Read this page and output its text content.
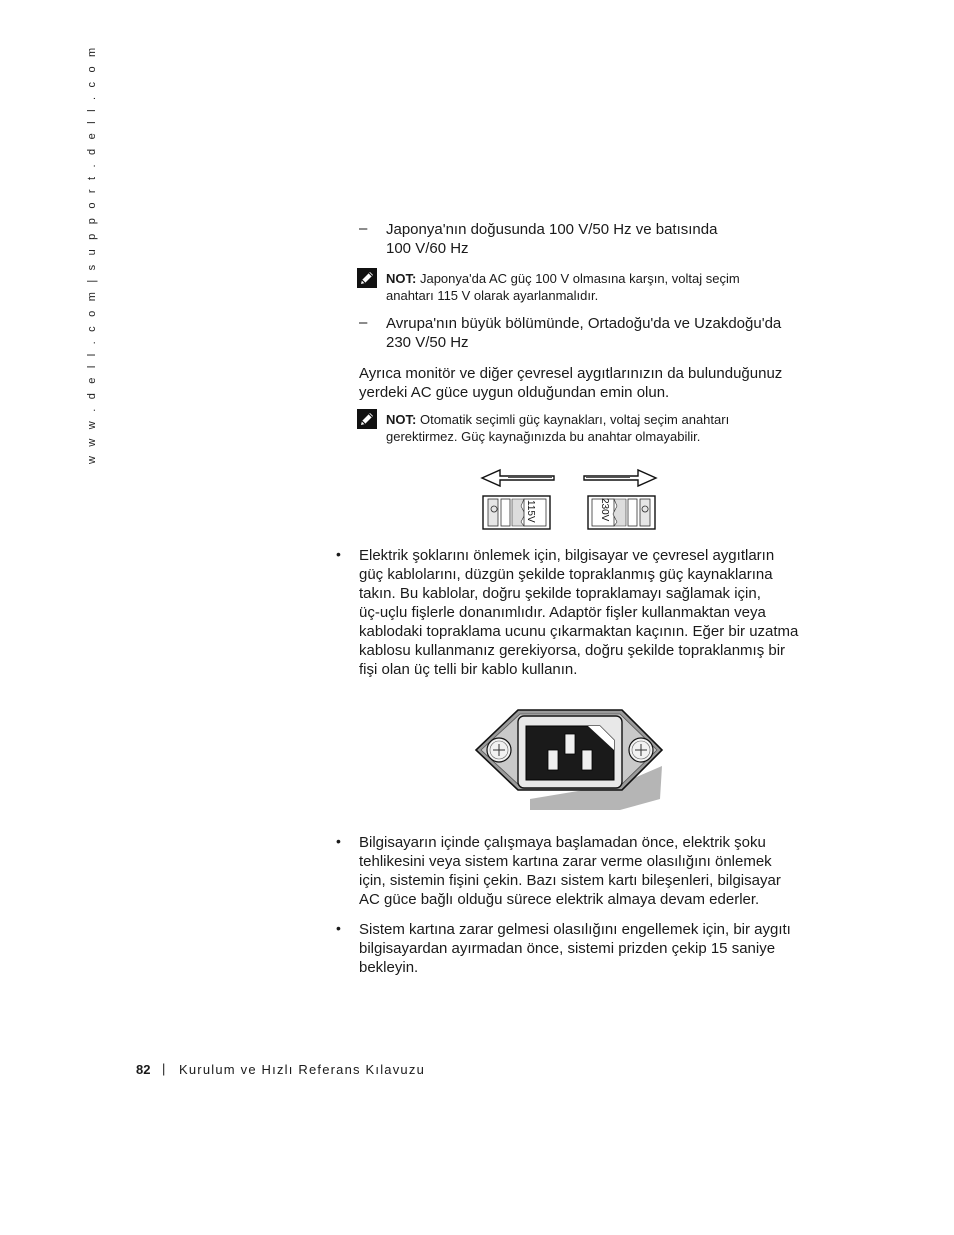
w w w . d e l l . c o m | s u p p o r t . d e l l . c o m	– Japonya'nın doğusunda 100 V/50 Hz ve batısında
100 V/60 Hz
NOT: Japonya'da AC güç 100 V olmasına karşın, voltaj seçim
anahtarı 115 V olarak ayarlanmalıdır.
– Avrupa'nın büyük bölümünde, Ortadoğu'da ve Uzakdoğu'da
230 V/50 Hz
Ayrıca monitör ve diğer çevresel aygıtlarınızın da bulunduğunuz
yerdeki AC güce uygun olduğundan emin olun.
NOT: Otomatik seçimli güç kaynakları, voltaj seçim anahtarı
gerektirmez. Güç kaynağınızda bu anahtar olmayabilir.
115V	230V
• Elektrik şoklarını önlemek için, bilgisayar ve çevresel aygıtların
güç kablolarını, düzgün şekilde topraklanmış güç kaynaklarına
takın. Bu kablolar, doğru şekilde topraklamayı sağlamak için,
üç-uçlu fişlerle donanımlıdır. Adaptör fişler kullanmaktan veya
kablodaki topraklama ucunu çıkarmaktan kaçının. Eğer bir uzatma
kablosu kullanmanız gerekiyorsa, doğru şekilde topraklanmış bir
fişi olan üç telli bir kablo kullanın.
• Bilgisayarın içinde çalışmaya başlamadan önce, elektrik şoku
tehlikesini veya sistem kartına zarar verme olasılığını önlemek
için, sistemin fişini çekin. Bazı sistem kartı bileşenleri, bilgisayar
AC güce bağlı olduğu sürece elektrik almaya devam ederler.
• Sistem kartına zarar gelmesi olasılığını engellemek için, bir aygıtı
bilgisayardan ayırmadan önce, sistemi prizden çekip 15 saniye
bekleyin.
82 | Kurulum ve Hızlı Referans Kılavuzu
